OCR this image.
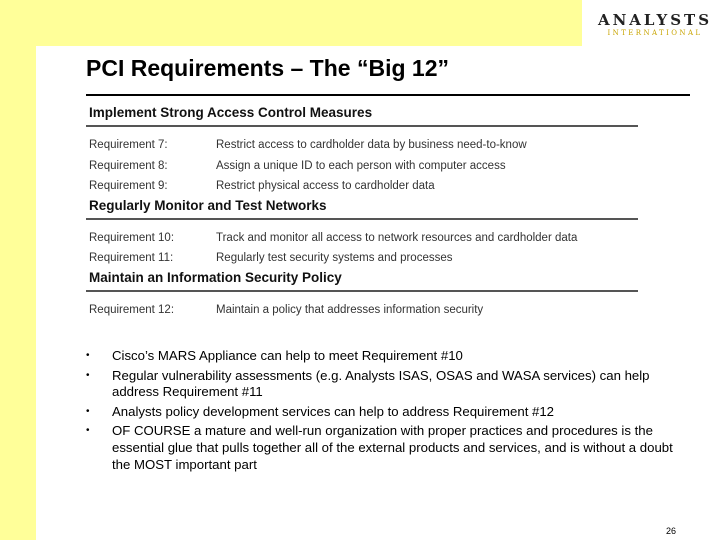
ANALYSTS
INTERNATIONAL
PCI Requirements – The “Big 12”
Implement Strong Access Control Measures
Requirement 7:	Restrict access to cardholder data by business need-to-know
Requirement 8:	Assign a unique ID to each person with computer access
Requirement 9:	Restrict physical access to cardholder data
Regularly Monitor and Test Networks
Requirement 10:	Track and monitor all access to network resources and cardholder data
Requirement 11:	Regularly test security systems and processes
Maintain an Information Security Policy
Requirement 12:	Maintain a policy that addresses information security
•	Cisco’s MARS Appliance can help to meet Requirement #10
•	Regular vulnerability assessments (e.g. Analysts ISAS, OSAS and WASA services) can help address Requirement #11
•	Analysts policy development services can help to address Requirement #12
•	OF COURSE a mature and well-run organization with proper practices and procedures is the essential glue that pulls together all of the external products and services, and is without a doubt the MOST important part
26
